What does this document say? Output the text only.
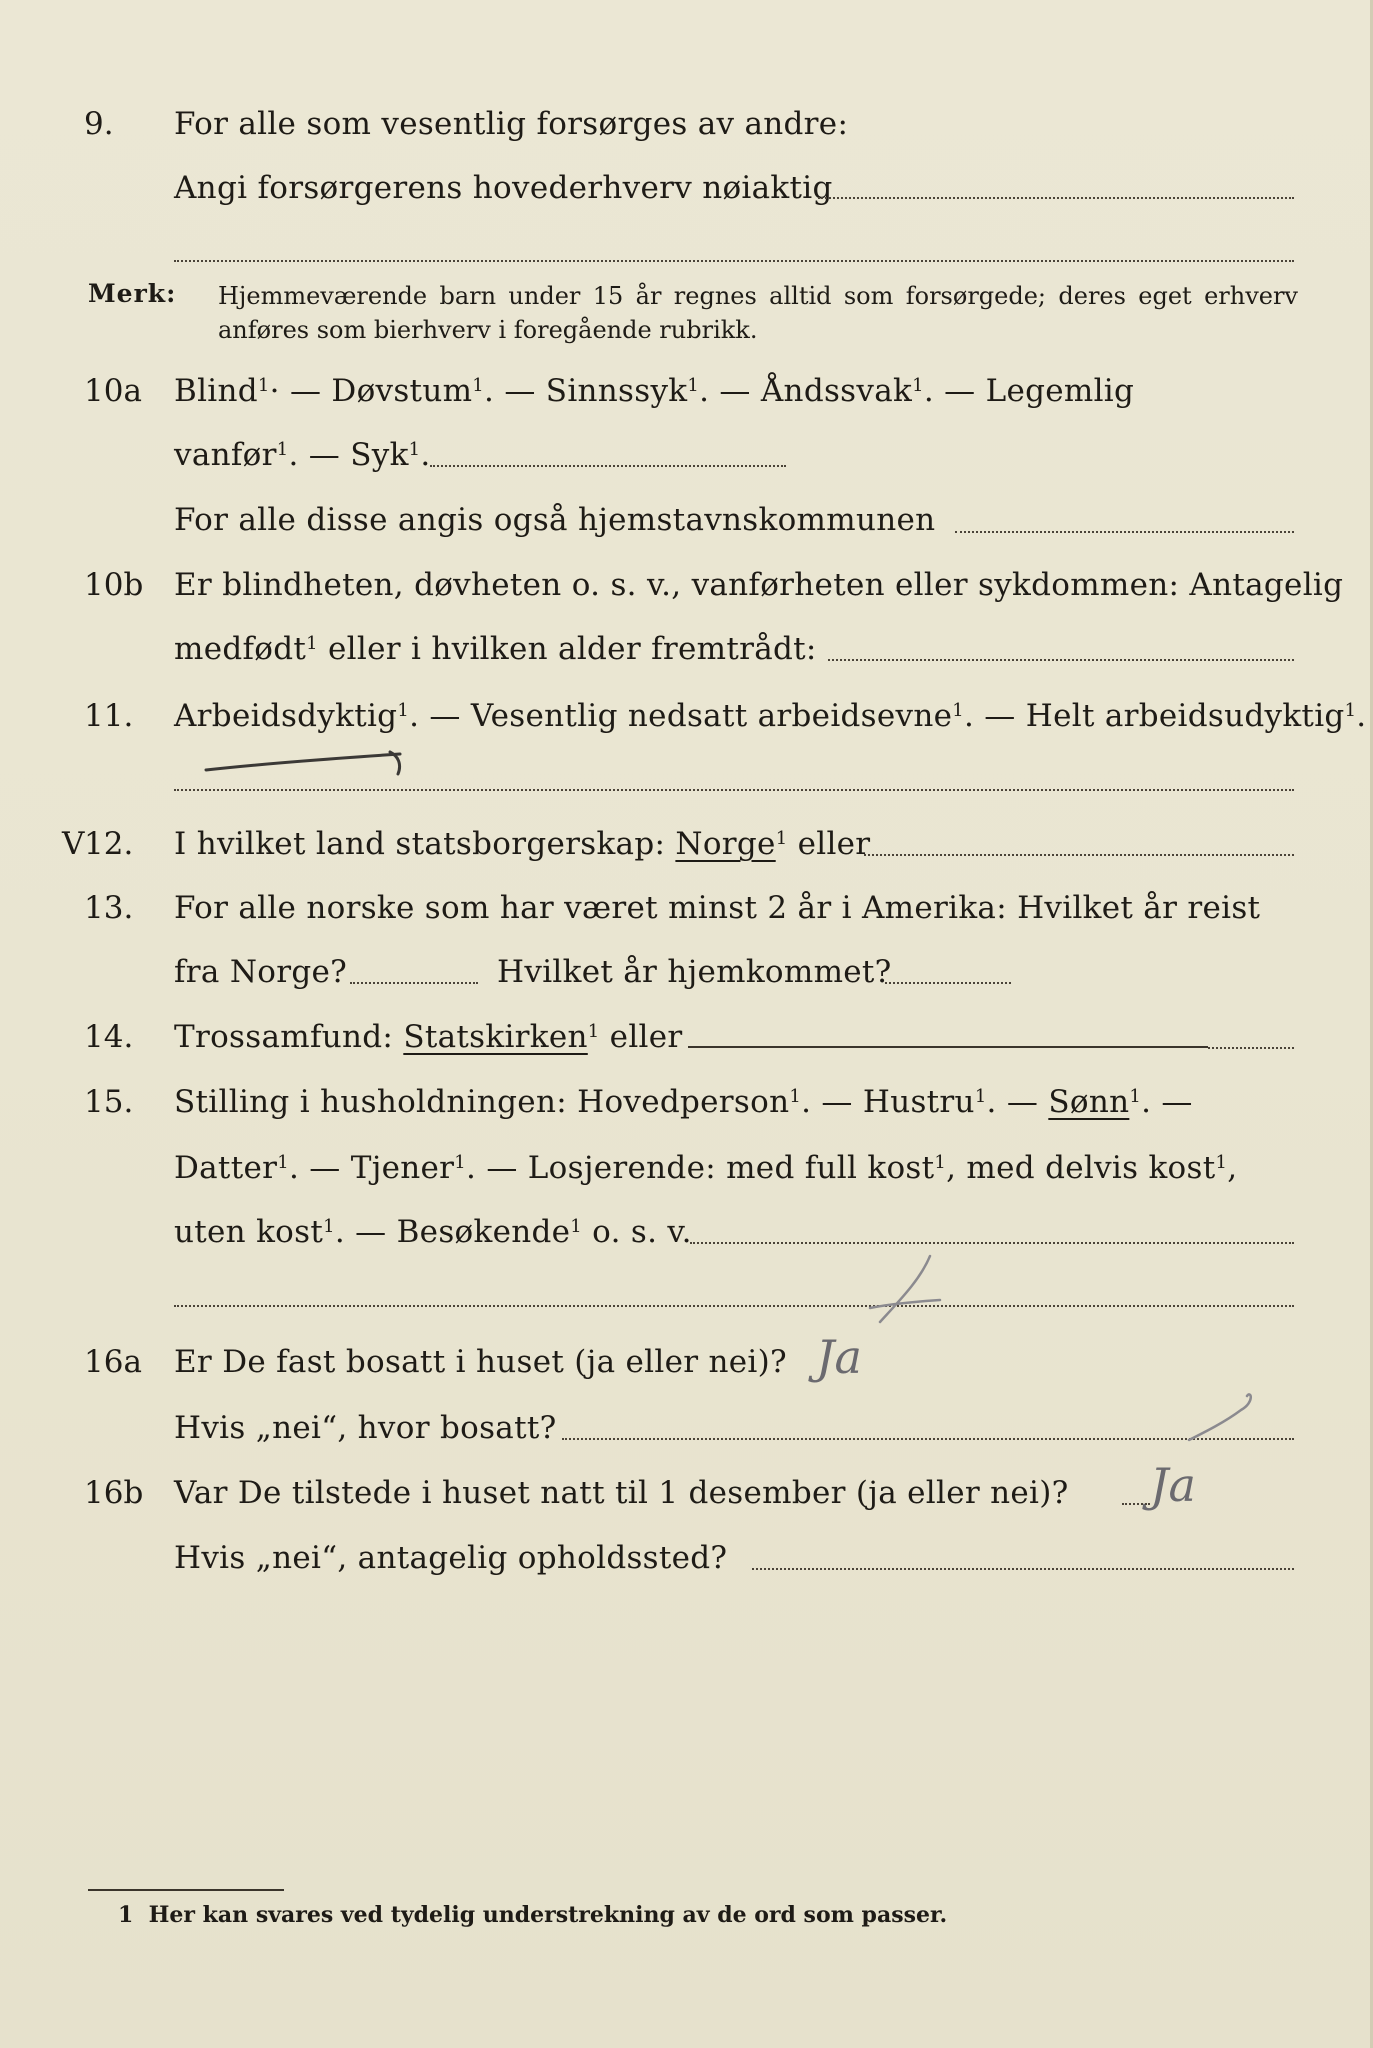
9. For alle som vesentlig forsørges av andre:
Angi forsørgerens hovederhverv nøiaktig
Merk: Hjemmeværende barn under 15 år regnes alltid som forsørgede; deres eget erhverv anføres som bierhverv i foregående rubrikk.
10a Blind$^1$· — Døvstum$^1$. — Sinnssyk$^1$. — Åndssvak$^1$. — Legemlig
vanfør$^1$. — Syk$^1$.
For alle disse angis også hjemstavnskommunen
10b Er blindheten, døvheten o. s. v., vanførheten eller sykdommen: Antagelig
medfødt$^1$ eller i hvilken alder fremtrådt:
11. Arbeidsdyktig$^1$. — Vesentlig nedsatt arbeidsevne$^1$. — Helt arbeidsudyktig$^1$.
V 12. I hvilket land statsborgerskap: Norge$^1$ eller
13. For alle norske som har været minst 2 år i Amerika: Hvilket år reist
fra Norge?	Hvilket år hjemkommet?
14. Trossamfund: Statskirken$^1$ eller
15. Stilling i husholdningen: Hovedperson$^1$. — Hustru$^1$. — Sønn$^1$. —
Datter$^1$. — Tjener$^1$. — Losjerende: med full kost$^1$, med delvis kost$^1$,
uten kost$^1$. — Besøkende$^1$ o. s. v.
16a Er De fast bosatt i huset (ja eller nei)? Ja
Hvis „nei“, hvor bosatt?
16b Var De tilstede i huset natt til 1 desember (ja eller nei)? Ja
Hvis „nei“, antagelig opholdssted?
1 Her kan svares ved tydelig understrekning av de ord som passer.
